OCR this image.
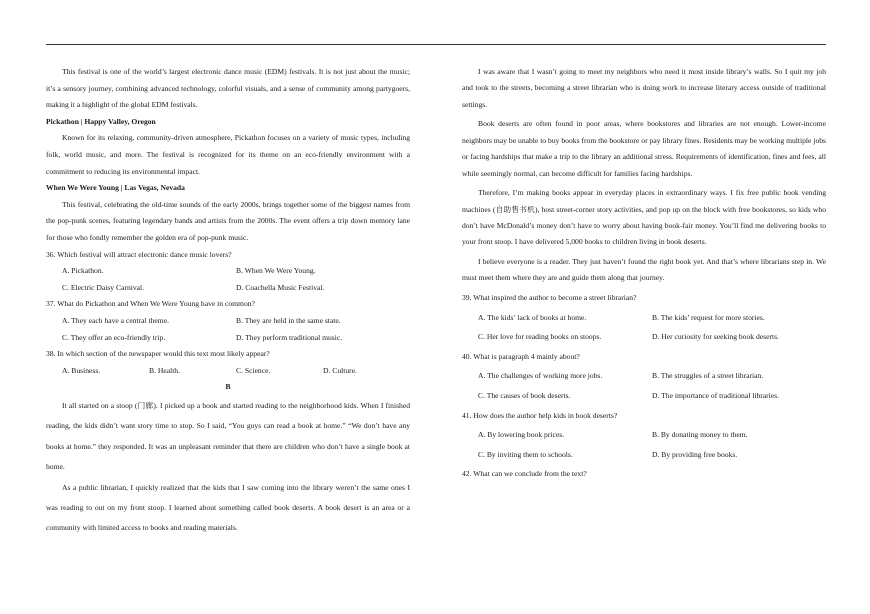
This festival is one of the world’s largest electronic dance music (EDM) festivals. It is not just about the music; it’s a sensory journey, combining advanced technology, colorful visuals, and a sense of community among partygoers, making it a highlight of the global EDM festivals.

Pickathon | Happy Valley, Oregon

Known for its relaxing, community-driven atmosphere, Pickathon focuses on a variety of music types, including folk, world music, and more. The festival is recognized for its theme on an eco-friendly environment with a commitment to reducing its environmental impact.

When We Were Young | Las Vegas, Nevada

This festival, celebrating the old-time sounds of the early 2000s, brings together some of the biggest names from the pop-punk scenes, featuring legendary bands and artists from the 2000s. The event offers a trip down memory lane for those who fondly remember the golden era of pop-punk music.

36. Which festival will attract electronic dance music lovers?

A. Pickathon.	B. When We Were Young.
C. Electric Daisy Carnival.	D. Coachella Music Festival.

37. What do Pickathon and When We Were Young have in common?

A. They each have a central theme.	B. They are held in the same state.
C. They offer an eco-friendly trip.	D. They perform traditional music.

38. In which section of the newspaper would this text most likely appear?

A. Business.	B. Health.	C. Science.	D. Culture.

B

It all started on a stoop (门廊). I picked up a book and started reading to the neighborhood kids. When I finished reading, the kids didn’t want story time to stop. So I said, “You guys can read a book at home.” “We don’t have any books at home.” they responded. It was an unpleasant reminder that there are children who don’t have a single book at home.

As a public librarian, I quickly realized that the kids that I saw coming into the library weren’t the same ones I was reading to out on my front stoop. I learned about something called book deserts. A book desert is an area or a community with limited access to books and reading materials.

I was aware that I wasn’t going to meet my neighbors who need it most inside library’s walls. So I quit my job and took to the streets, becoming a street librarian who is doing work to increase literary access outside of traditional settings.

Book deserts are often found in poor areas, where bookstores and libraries are not enough. Lower-income neighbors may be unable to buy books from the bookstore or pay library fines. Residents may be working multiple jobs or facing hardships that make a trip to the library an additional stress. Requirements of identification, fines and fees, all while seemingly normal, can become difficult for families facing hardships.

Therefore, I’m making books appear in everyday places in extraordinary ways. I fix free public book vending machines (自助售书机), host street-corner story activities, and pop up on the block with free bookstores, so kids who don’t have McDonald’s money don’t have to worry about having book-fair money. You’ll find me delivering books to your front stoop. I have delivered 5,000 books to children living in book deserts.

I believe everyone is a reader. They just haven’t found the right book yet. And that’s where librarians step in. We must meet them where they are and guide them along that journey.

39. What inspired the author to become a street librarian?

A. The kids’ lack of books at home.	B. The kids’ request for more stories.
C. Her love for reading books on stoops.	D. Her curiosity for seeking book deserts.

40. What is paragraph 4 mainly about?

A. The challenges of working more jobs.	B. The struggles of a street librarian.
C. The causes of book deserts.	D. The importance of traditional libraries.

41. How does the author help kids in book deserts?

A. By lowering book prices.	B. By donating money to them.
C. By inviting them to schools.	D. By providing free books.

42. What can we conclude from the text?
